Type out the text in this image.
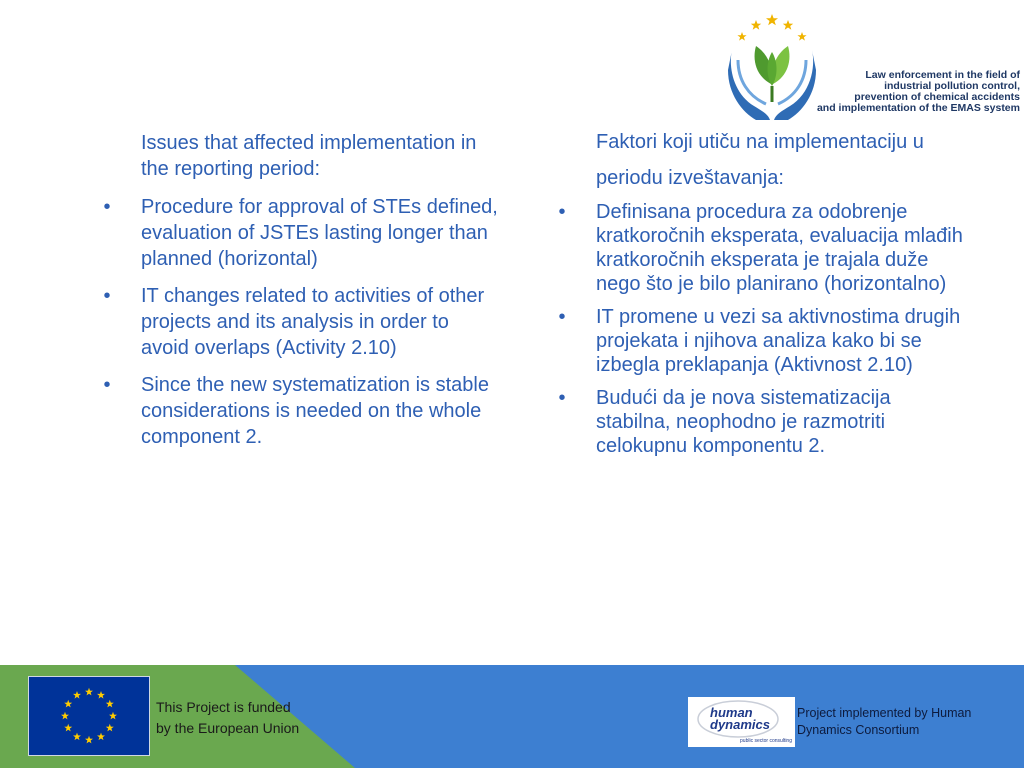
Law enforcement in the field of
industrial pollution control,
prevention of chemical accidents
and implementation of the EMAS system

Issues that affected implementation in the reporting period:

• Procedure for approval of STEs defined, evaluation of JSTEs lasting longer than planned (horizontal)
• IT changes related to activities of other projects and its analysis in order to avoid overlaps (Activity 2.10)
• Since the new systematization is stable considerations is needed on the whole component 2.

Faktori koji utiču na implementaciju u periodu izveštavanja:

• Definisana procedura za odobrenje kratkoročnih eksperata, evaluacija mlađih kratkoročnih eksperata je trajala duže nego što je bilo planirano (horizontalno)
• IT promene u vezi sa aktivnostima drugih projekata i njihova analiza kako bi se izbegla preklapanja (Aktivnost 2.10)
• Budući da je nova sistematizacija stabilna, neophodno je razmotriti celokupnu komponentu 2.
This Project is funded
by the European Union
human
dynamics
public sector consulting
Project implemented by Human
Dynamics Consortium
